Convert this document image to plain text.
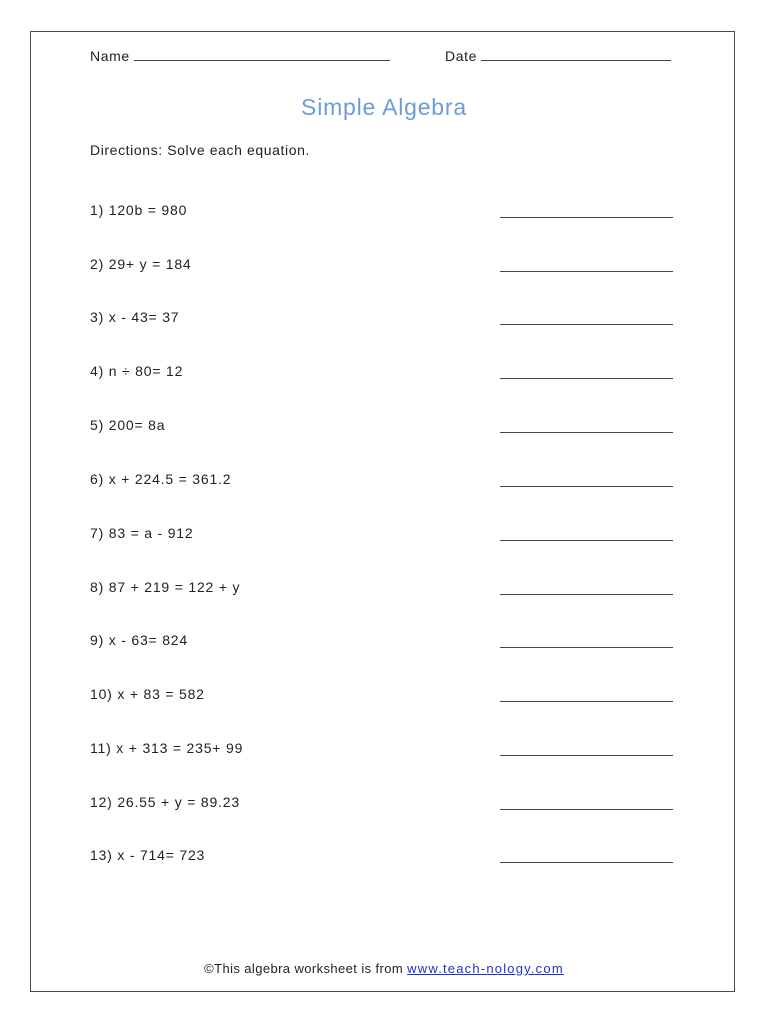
Name	Date
Simple Algebra
Directions: Solve each equation.
1) 120b = 980
2) 29+ y = 184
3) x - 43= 37
4) n ÷ 80= 12
5) 200= 8a
6) x + 224.5 = 361.2
7) 83 = a - 912
8) 87 + 219 = 122 + y
9) x - 63= 824
10) x + 83 = 582
11) x + 313 = 235+ 99
12) 26.55 + y = 89.23
13) x - 714= 723
©This algebra worksheet is from www.teach-nology.com
